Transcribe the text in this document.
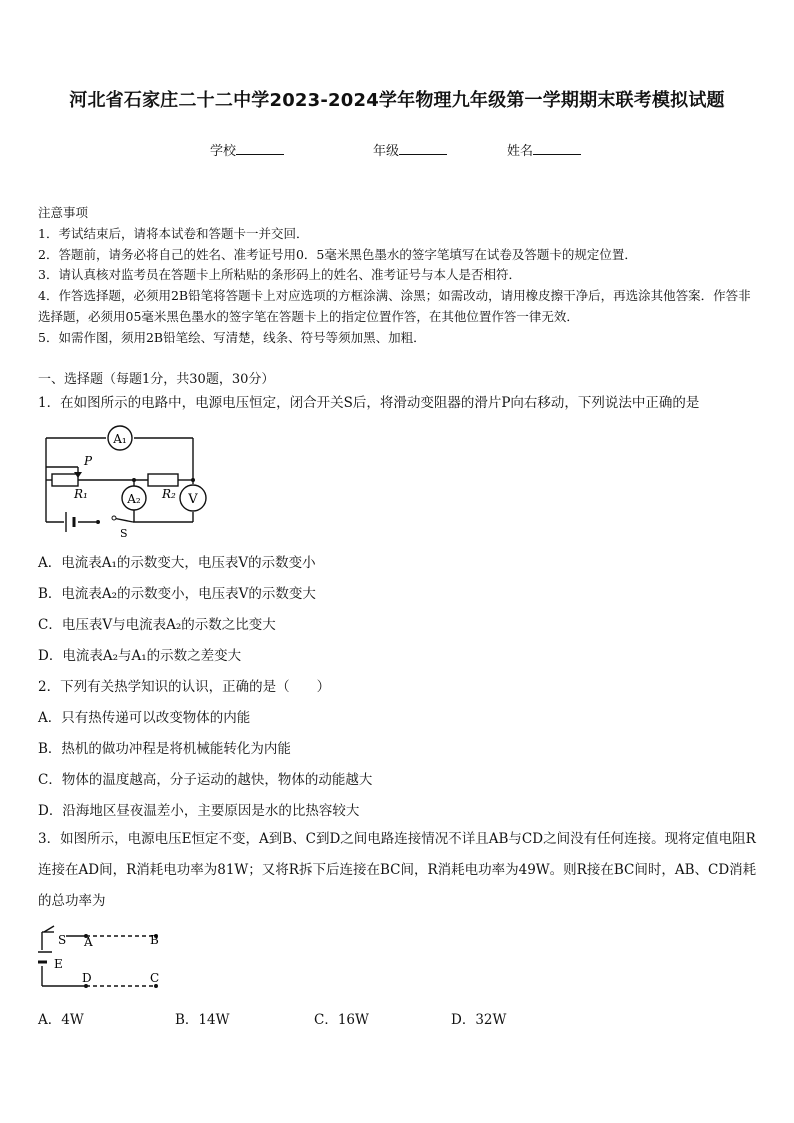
河北省石家庄二十二中学2023-2024学年物理九年级第一学期期末联考模拟试题
学校	年级	姓名

注意事项

1．考试结束后，请将本试卷和答题卡一并交回．

2．答题前，请务必将自己的姓名、准考证号用0．5毫米黑色墨水的签字笔填写在试卷及答题卡的规定位置．

3．请认真核对监考员在答题卡上所粘贴的条形码上的姓名、准考证号与本人是否相符．

4．作答选择题，必须用2B铅笔将答题卡上对应选项的方框涂满、涂黑；如需改动，请用橡皮擦干净后，再选涂其他答案．作答非选择题，必须用05毫米黑色墨水的签字笔在答题卡上的指定位置作答，在其他位置作答一律无效．

5．如需作图，须用2B铅笔绘、写清楚，线条、符号等须加黑、加粗．

一、选择题（每题1分，共30题，30分）
1．在如图所示的电路中，电源电压恒定，闭合开关S后，将滑动变阻器的滑片P向右移动，下列说法中正确的是
A₁
A₂	V
P
R₁	R₂
S
A．电流表A₁的示数变大，电压表V的示数变小
B．电流表A₂的示数变小，电压表V的示数变大
C．电压表V与电流表A₂的示数之比变大
D．电流表A₂与A₁的示数之差变大
2．下列有关热学知识的认识，正确的是（　　）
A．只有热传递可以改变物体的内能
B．热机的做功冲程是将机械能转化为内能
C．物体的温度越高，分子运动的越快，物体的动能越大
D．沿海地区昼夜温差小，主要原因是水的比热容较大
3．如图所示，电源电压E恒定不变，A到B、C到D之间电路连接情况不详且AB与CD之间没有任何连接。现将定值电阻R连接在AD间，R消耗电功率为81W；又将R拆下后连接在BC间，R消耗电功率为49W。则R接在BC间时，AB、CD消耗的总功率为
S A	B
E
D	C
A．4W	B．14W	C．16W	D．32W
